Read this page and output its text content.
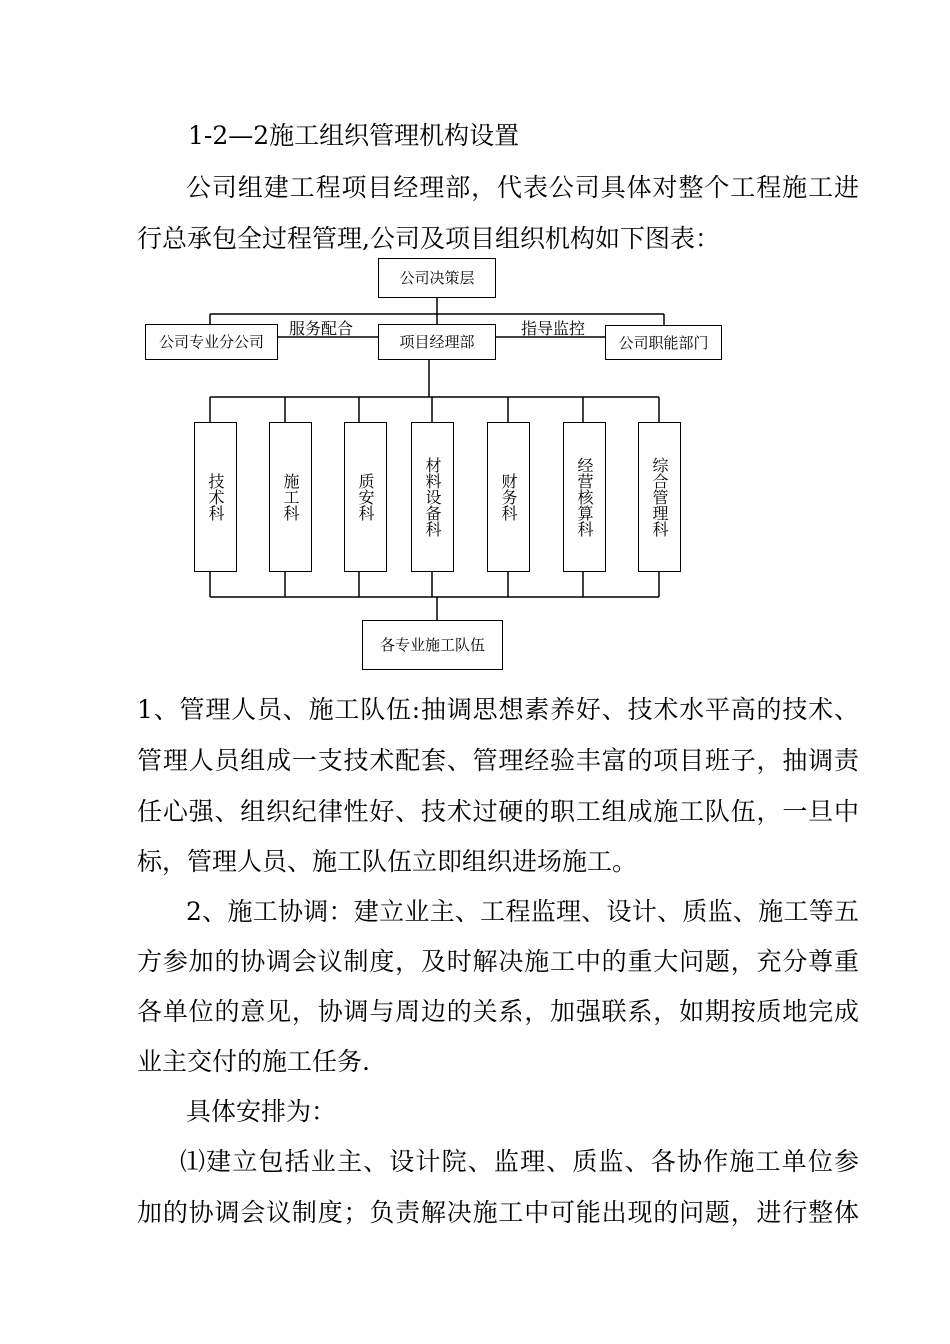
1-2—2施工组织管理机构设置
公司组建工程项目经理部，代表公司具体对整个工程施工进
行总承包全过程管理,公司及项目组织机构如下图表：
公司决策层
公司专业分公司	项目经理部	公司职能部门
服务配合	指导监控
技术科	施工科	质安科	材料设备科	财务科	经营核算科	综合管理科
各专业施工队伍
1、管理人员、施工队伍:抽调思想素养好、技术水平高的技术、
管理人员组成一支技术配套、管理经验丰富的项目班子，抽调责
任心强、组织纪律性好、技术过硬的职工组成施工队伍，一旦中
标，管理人员、施工队伍立即组织进场施工。
2、施工协调：建立业主、工程监理、设计、质监、施工等五
方参加的协调会议制度，及时解决施工中的重大问题，充分尊重
各单位的意见，协调与周边的关系，加强联系，如期按质地完成
业主交付的施工任务.
具体安排为：
⑴建立包括业主、设计院、监理、质监、各协作施工单位参
加的协调会议制度；负责解决施工中可能出现的问题，进行整体
